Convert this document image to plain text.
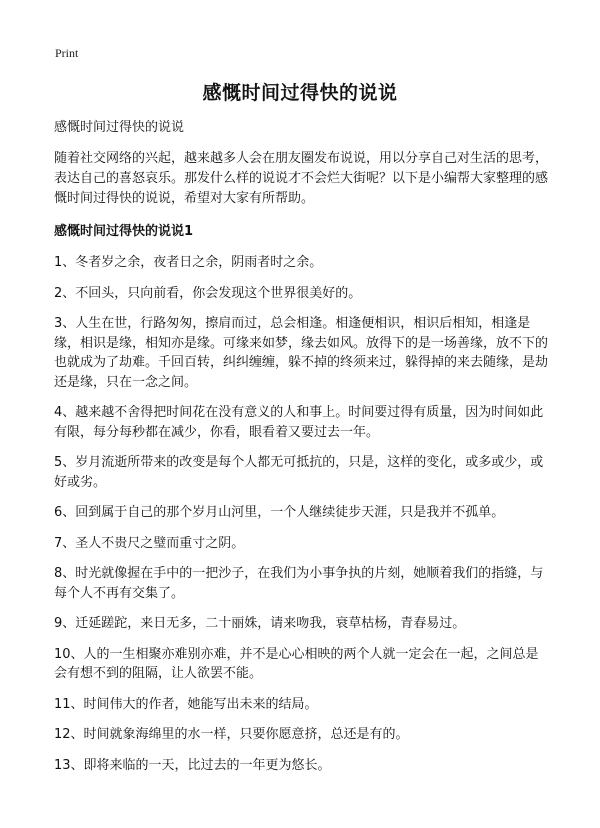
Print
感慨时间过得快的说说

感慨时间过得快的说说

随着社交网络的兴起，越来越多人会在朋友圈发布说说，用以分享自己对生活的思考，表达自己的喜怒哀乐。那发什么样的说说才不会烂大街呢？以下是小编帮大家整理的感慨时间过得快的说说，希望对大家有所帮助。

感慨时间过得快的说说1

1、冬者岁之余，夜者日之余，阴雨者时之余。

2、不回头，只向前看，你会发现这个世界很美好的。

3、人生在世，行路匆匆，擦肩而过，总会相逢。相逢便相识，相识后相知，相逢是缘，相识是缘，相知亦是缘。可缘来如梦，缘去如风。放得下的是一场善缘，放不下的也就成为了劫难。千回百转，纠纠缠缠，躲不掉的终须来过，躲得掉的来去随缘，是劫还是缘，只在一念之间。

4、越来越不舍得把时间花在没有意义的人和事上。时间要过得有质量，因为时间如此有限，每分每秒都在减少，你看，眼看着又要过去一年。

5、岁月流逝所带来的改变是每个人都无可抵抗的，只是，这样的变化，或多或少，或好或劣。

6、回到属于自己的那个岁月山河里，一个人继续徒步天涯，只是我并不孤单。

7、圣人不贵尺之璧而重寸之阴。

8、时光就像握在手中的一把沙子，在我们为小事争执的片刻，她顺着我们的指缝，与每个人不再有交集了。

9、迁延蹉跎，来日无多，二十丽姝，请来吻我，衰草枯杨，青春易过。

10、人的一生相聚亦难别亦难，并不是心心相映的两个人就一定会在一起，之间总是会有想不到的阻隔，让人欲罢不能。

11、时间伟大的作者，她能写出未来的结局。

12、时间就象海绵里的水一样，只要你愿意挤，总还是有的。

13、即将来临的一天，比过去的一年更为悠长。
